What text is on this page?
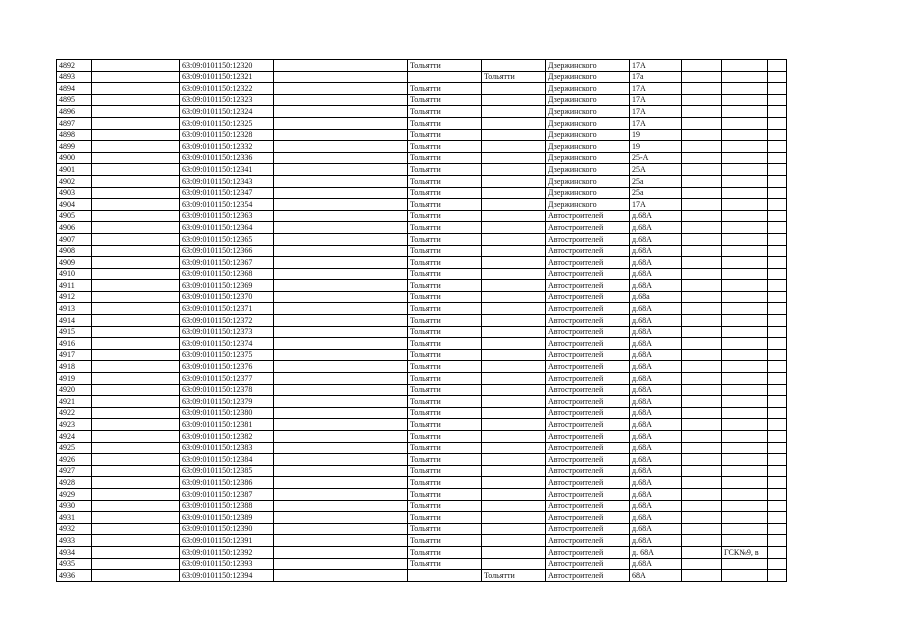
4892		63:09:0101150:12320		Тольятти		Дзержинского	17А			
4893		63:09:0101150:12321			Тольятти	Дзержинского	17а			
4894		63:09:0101150:12322		Тольятти		Дзержинского	17А			
4895		63:09:0101150:12323		Тольятти		Дзержинского	17А			
4896		63:09:0101150:12324		Тольятти		Дзержинского	17А			
4897		63:09:0101150:12325		Тольятти		Дзержинского	17А			
4898		63:09:0101150:12328		Тольятти		Дзержинского	19			
4899		63:09:0101150:12332		Тольятти		Дзержинского	19			
4900		63:09:0101150:12336		Тольятти		Дзержинского	25-А			
4901		63:09:0101150:12341		Тольятти		Дзержинского	25А			
4902		63:09:0101150:12343		Тольятти		Дзержинского	25а			
4903		63:09:0101150:12347		Тольятти		Дзержинского	25а			
4904		63:09:0101150:12354		Тольятти		Дзержинского	17А			
4905		63:09:0101150:12363		Тольятти		Автостроителей	д.68А			
4906		63:09:0101150:12364		Тольятти		Автостроителей	д.68А			
4907		63:09:0101150:12365		Тольятти		Автостроителей	д.68А			
4908		63:09:0101150:12366		Тольятти		Автостроителей	д.68А			
4909		63:09:0101150:12367		Тольятти		Автостроителей	д.68А			
4910		63:09:0101150:12368		Тольятти		Автостроителей	д.68А			
4911		63:09:0101150:12369		Тольятти		Автостроителей	д.68А			
4912		63:09:0101150:12370		Тольятти		Автостроителей	д.68а			
4913		63:09:0101150:12371		Тольятти		Автостроителей	д.68А			
4914		63:09:0101150:12372		Тольятти		Автостроителей	д.68А			
4915		63:09:0101150:12373		Тольятти		Автостроителей	д.68А			
4916		63:09:0101150:12374		Тольятти		Автостроителей	д.68А			
4917		63:09:0101150:12375		Тольятти		Автостроителей	д.68А			
4918		63:09:0101150:12376		Тольятти		Автостроителей	д.68А			
4919		63:09:0101150:12377		Тольятти		Автостроителей	д.68А			
4920		63:09:0101150:12378		Тольятти		Автостроителей	д.68А			
4921		63:09:0101150:12379		Тольятти		Автостроителей	д.68А			
4922		63:09:0101150:12380		Тольятти		Автостроителей	д.68А			
4923		63:09:0101150:12381		Тольятти		Автостроителей	д.68А			
4924		63:09:0101150:12382		Тольятти		Автостроителей	д.68А			
4925		63:09:0101150:12383		Тольятти		Автостроителей	д.68А			
4926		63:09:0101150:12384		Тольятти		Автостроителей	д.68А			
4927		63:09:0101150:12385		Тольятти		Автостроителей	д.68А			
4928		63:09:0101150:12386		Тольятти		Автостроителей	д.68А			
4929		63:09:0101150:12387		Тольятти		Автостроителей	д.68А			
4930		63:09:0101150:12388		Тольятти		Автостроителей	д.68А			
4931		63:09:0101150:12389		Тольятти		Автостроителей	д.68А			
4932		63:09:0101150:12390		Тольятти		Автостроителей	д.68А			
4933		63:09:0101150:12391		Тольятти		Автостроителей	д.68А			
4934		63:09:0101150:12392		Тольятти		Автостроителей	д. 68А		ГСК№9, в	
4935		63:09:0101150:12393		Тольятти		Автостроителей	д.68А			
4936		63:09:0101150:12394			Тольятти	Автостроителей	68А			
